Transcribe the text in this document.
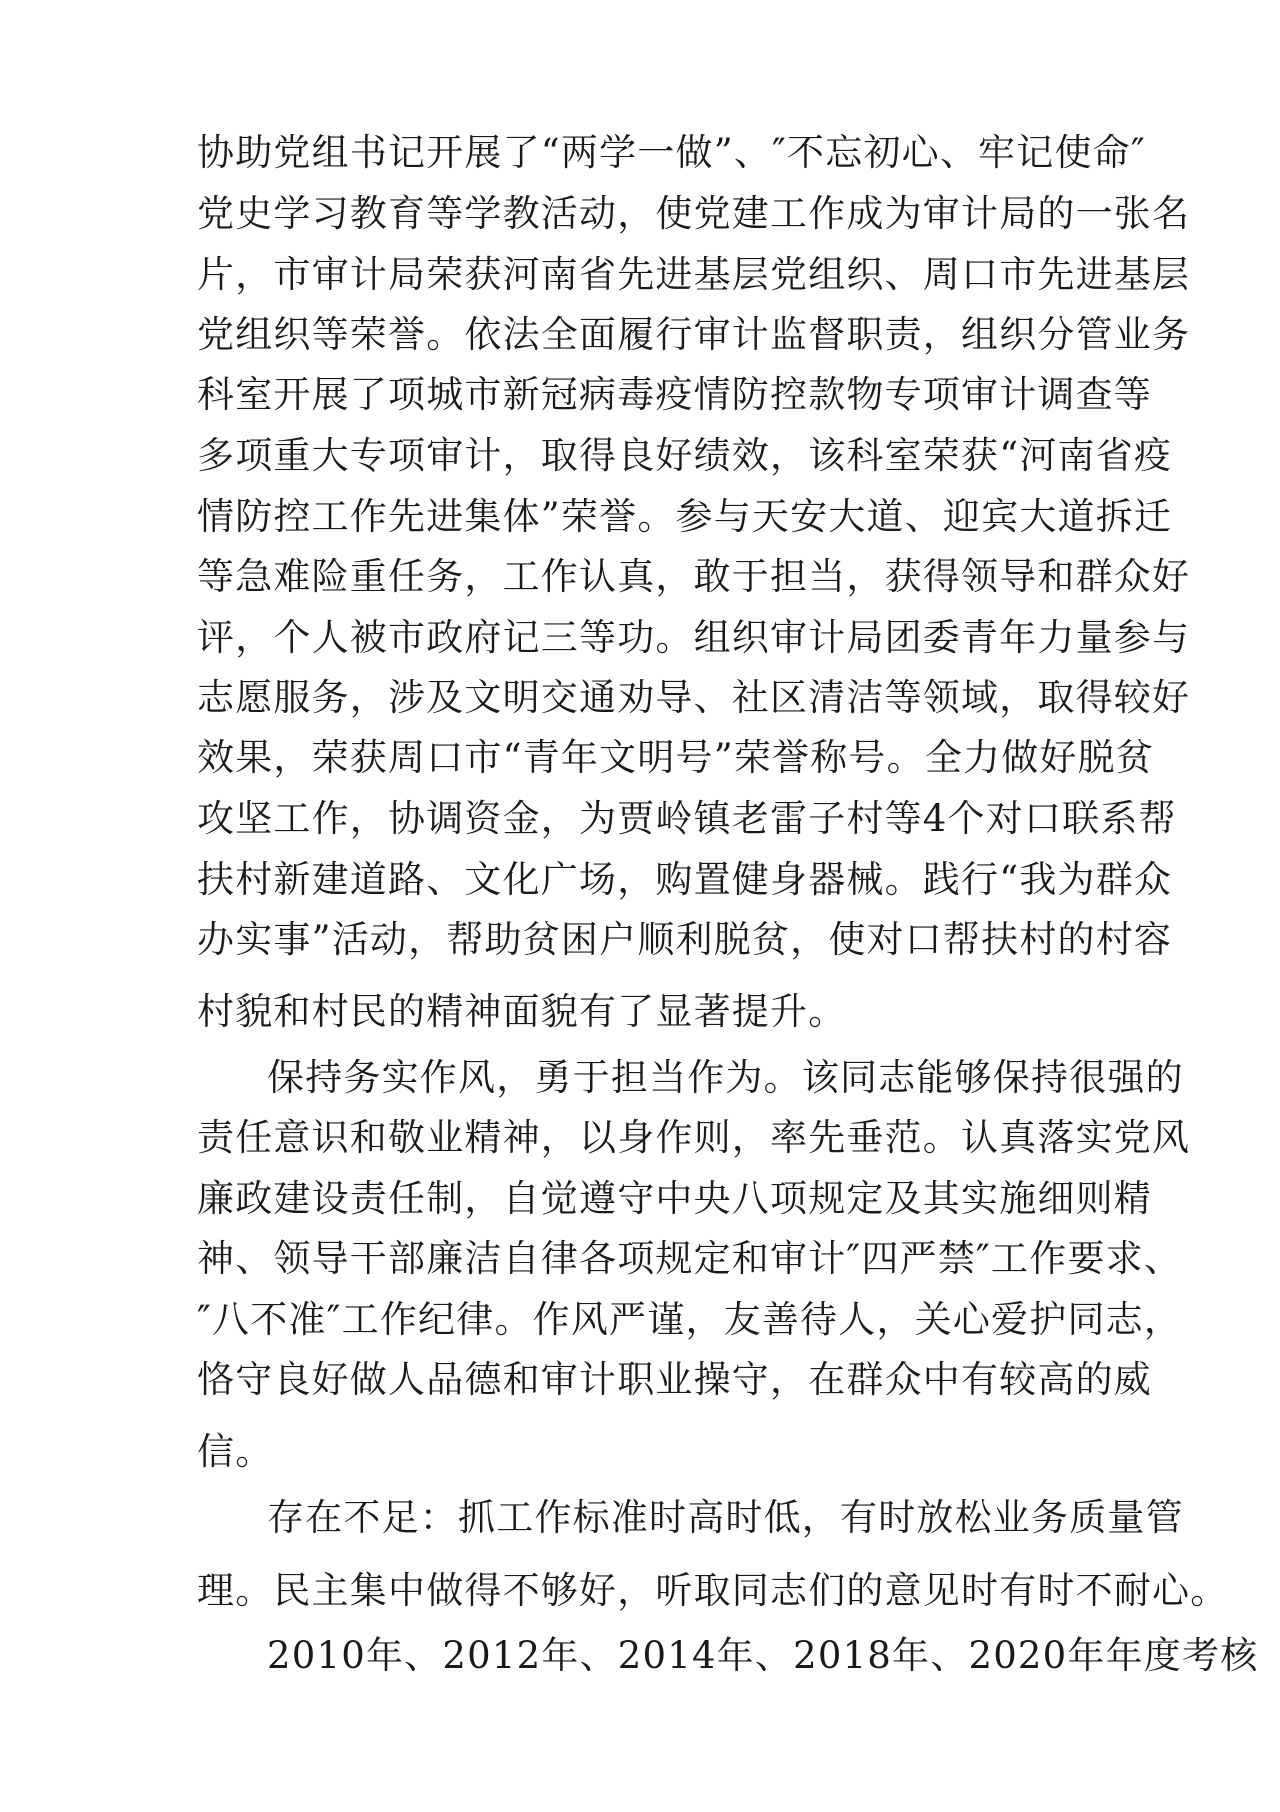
协助党组书记开展了“两学一做”、″不忘初心、牢记使命″
党史学习教育等学教活动，使党建工作成为审计局的一张名
片，市审计局荣获河南省先进基层党组织、周口市先进基层
党组织等荣誉。依法全面履行审计监督职责，组织分管业务
科室开展了项城市新冠病毒疫情防控款物专项审计调查等
多项重大专项审计，取得良好绩效，该科室荣获“河南省疫
情防控工作先进集体”荣誉。参与天安大道、迎宾大道拆迁
等急难险重任务，工作认真，敢于担当，获得领导和群众好
评，个人被市政府记三等功。组织审计局团委青年力量参与
志愿服务，涉及文明交通劝导、社区清洁等领域，取得较好
效果，荣获周口市“青年文明号”荣誉称号。全力做好脱贫
攻坚工作，协调资金，为贾岭镇老雷子村等4个对口联系帮
扶村新建道路、文化广场，购置健身器械。践行“我为群众
办实事”活动，帮助贫困户顺利脱贫，使对口帮扶村的村容
村貌和村民的精神面貌有了显著提升。
保持务实作风，勇于担当作为。该同志能够保持很强的
责任意识和敬业精神，以身作则，率先垂范。认真落实党风
廉政建设责任制，自觉遵守中央八项规定及其实施细则精
神、领导干部廉洁自律各项规定和审计″四严禁″工作要求、
″八不准″工作纪律。作风严谨，友善待人，关心爱护同志，
恪守良好做人品德和审计职业操守，在群众中有较高的威
信。
存在不足：抓工作标准时高时低，有时放松业务质量管
理。民主集中做得不够好，听取同志们的意见时有时不耐心。
2010年、2012年、2014年、2018年、2020年年度考核
